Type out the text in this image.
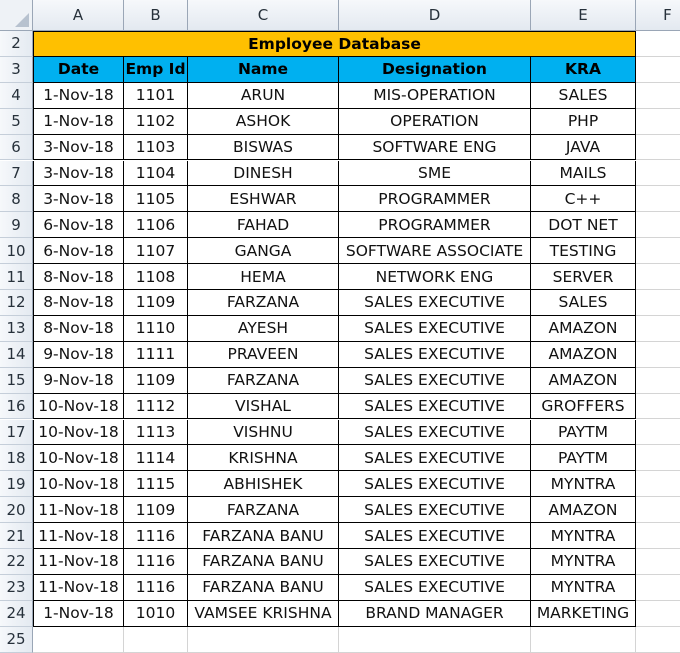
A	B	C	D	E	F
2
3
4
5
6
7
8
9
10
11
12
13
14
15
16
17
18
19
20
21
22
23
24
25
Employee Database
Date	Emp Id	Name	Designation	KRA
1-Nov-18	1101	ARUN	MIS-OPERATION	SALES
1-Nov-18	1102	ASHOK	OPERATION	PHP
3-Nov-18	1103	BISWAS	SOFTWARE ENG	JAVA
3-Nov-18	1104	DINESH	SME	MAILS
3-Nov-18	1105	ESHWAR	PROGRAMMER	C++
6-Nov-18	1106	FAHAD	PROGRAMMER	DOT NET
6-Nov-18	1107	GANGA	SOFTWARE ASSOCIATE	TESTING
8-Nov-18	1108	HEMA	NETWORK ENG	SERVER
8-Nov-18	1109	FARZANA	SALES EXECUTIVE	SALES
8-Nov-18	1110	AYESH	SALES EXECUTIVE	AMAZON
9-Nov-18	1111	PRAVEEN	SALES EXECUTIVE	AMAZON
9-Nov-18	1109	FARZANA	SALES EXECUTIVE	AMAZON
10-Nov-18	1112	VISHAL	SALES EXECUTIVE	GROFFERS
10-Nov-18	1113	VISHNU	SALES EXECUTIVE	PAYTM
10-Nov-18	1114	KRISHNA	SALES EXECUTIVE	PAYTM
10-Nov-18	1115	ABHISHEK	SALES EXECUTIVE	MYNTRA
11-Nov-18	1109	FARZANA	SALES EXECUTIVE	AMAZON
11-Nov-18	1116	FARZANA BANU	SALES EXECUTIVE	MYNTRA
11-Nov-18	1116	FARZANA BANU	SALES EXECUTIVE	MYNTRA
11-Nov-18	1116	FARZANA BANU	SALES EXECUTIVE	MYNTRA
1-Nov-18	1010	VAMSEE KRISHNA	BRAND MANAGER	MARKETING
